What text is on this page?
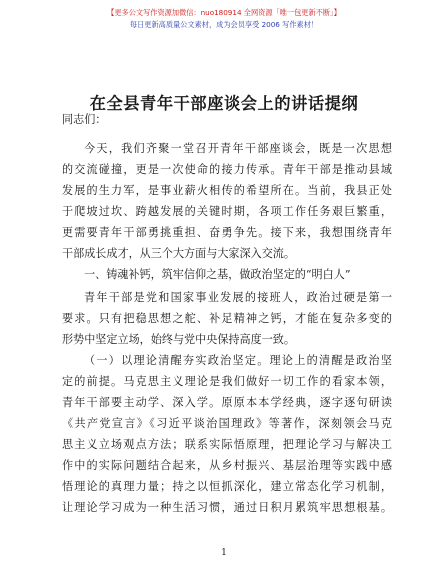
【更多公文写作资源加微信：nuo180914 全网资源「唯一包更新不断」】
每日更新高质量公文素材，成为会员享受 2006 写作素材！
在全县青年干部座谈会上的讲话提纲
同志们：
今天，我们齐聚一堂召开青年干部座谈会，既是一次思想
的交流碰撞，更是一次使命的接力传承。青年干部是推动县域
发展的生力军，是事业薪火相传的希望所在。当前，我县正处
于爬坡过坎、跨越发展的关键时期，各项工作任务艰巨繁重，
更需要青年干部勇挑重担、奋勇争先。接下来，我想围绕青年
干部成长成才，从三个大方面与大家深入交流。
一、铸魂补钙，筑牢信仰之基，做政治坚定的“明白人”
青年干部是党和国家事业发展的接班人，政治过硬是第一
要求。只有把稳思想之舵、补足精神之钙，才能在复杂多变的
形势中坚定立场，始终与党中央保持高度一致。
（一）以理论清醒夯实政治坚定。理论上的清醒是政治坚
定的前提。马克思主义理论是我们做好一切工作的看家本领，
青年干部要主动学、深入学。原原本本学经典，逐字逐句研读
《共产党宣言》《习近平谈治国理政》等著作，深刻领会马克
思主义立场观点方法；联系实际悟原理，把理论学习与解决工
作中的实际问题结合起来，从乡村振兴、基层治理等实践中感
悟理论的真理力量；持之以恒抓深化，建立常态化学习机制，
让理论学习成为一种生活习惯，通过日积月累筑牢思想根基。
1
